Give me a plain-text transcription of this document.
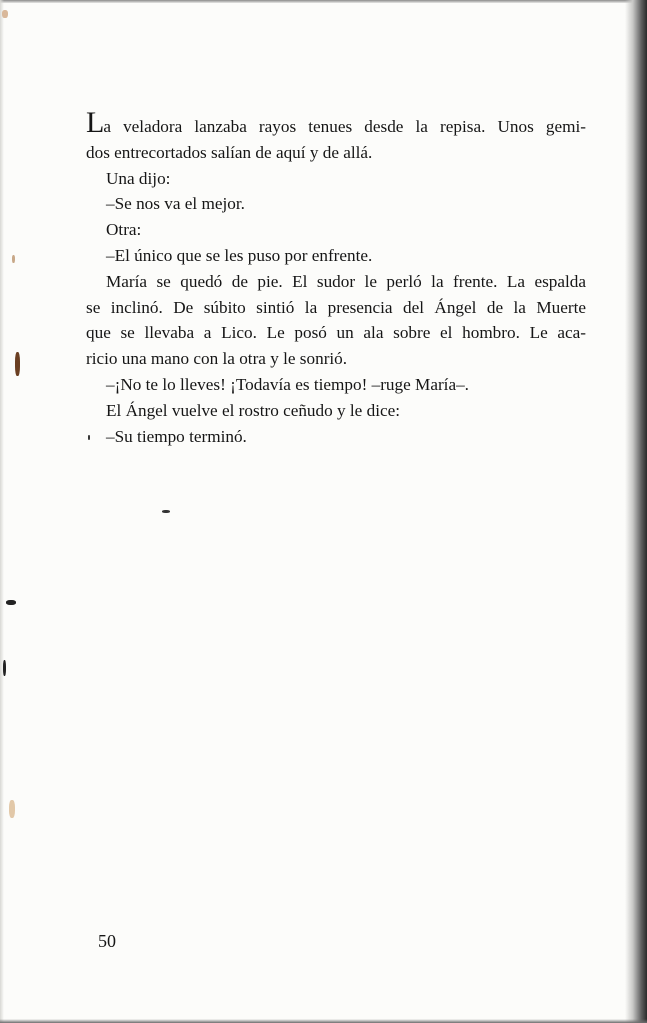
La veladora lanzaba rayos tenues desde la repisa. Unos gemi-

dos entrecortados salían de aquí y de allá.

Una dijo:

–Se nos va el mejor.

Otra:

–El único que se les puso por enfrente.

María se quedó de pie. El sudor le perló la frente. La espalda

se inclinó. De súbito sintió la presencia del Ángel de la Muerte

que se llevaba a Lico. Le posó un ala sobre el hombro. Le aca-

ricio una mano con la otra y le sonrió.

–¡No te lo lleves! ¡Todavía es tiempo! –ruge María–.

El Ángel vuelve el rostro ceñudo y le dice:

–Su tiempo terminó.

50
